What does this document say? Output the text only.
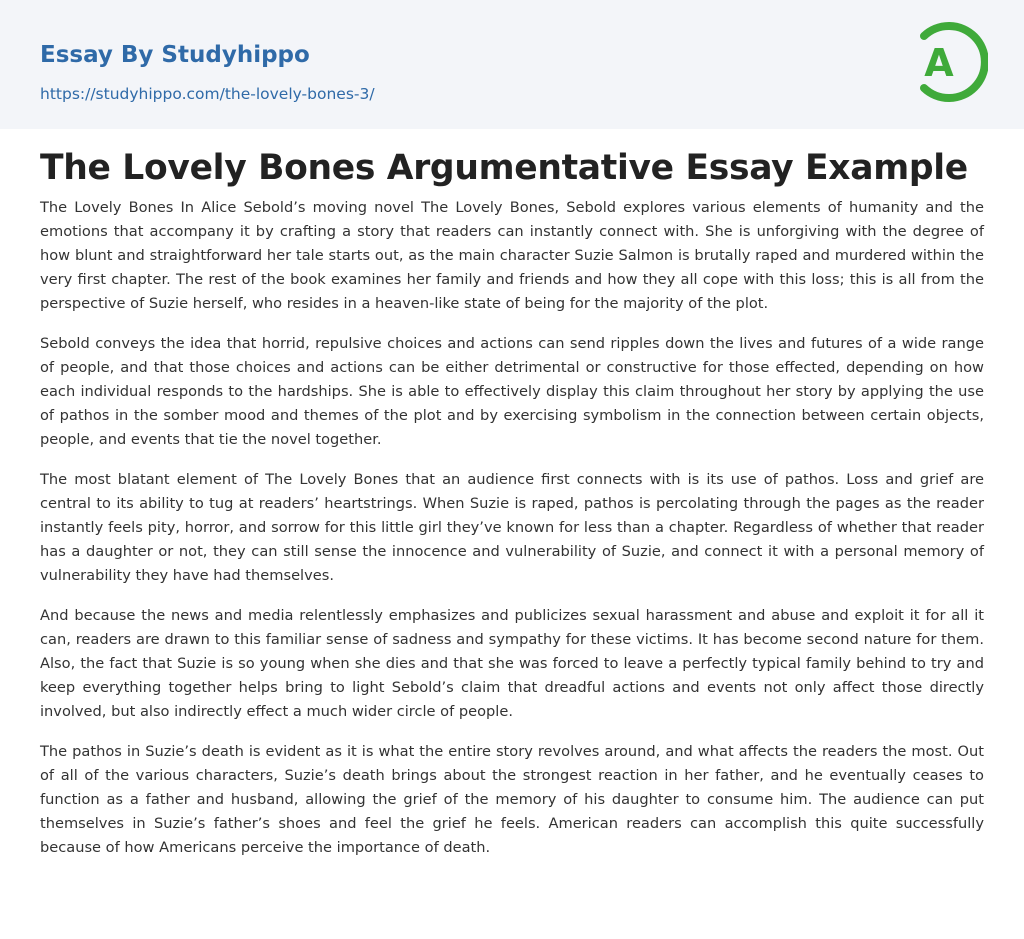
Essay By Studyhippo
https://studyhippo.com/the-lovely-bones-3/
A
The Lovely Bones Argumentative Essay Example

The Lovely Bones In Alice Sebold’s moving novel The Lovely Bones, Sebold explores various elements of humanity and the emotions that accompany it by crafting a story that readers can instantly connect with. She is unforgiving with the degree of how blunt and straightforward her tale starts out, as the main character Suzie Salmon is brutally raped and murdered within the very first chapter. The rest of the book examines her family and friends and how they all cope with this loss; this is all from the perspective of Suzie herself, who resides in a heaven-like state of being for the majority of the plot.

Sebold conveys the idea that horrid, repulsive choices and actions can send ripples down the lives and futures of a wide range of people, and that those choices and actions can be either detrimental or constructive for those effected, depending on how each individual responds to the hardships. She is able to effectively display this claim throughout her story by applying the use of pathos in the somber mood and themes of the plot and by exercising symbolism in the connection between certain objects, people, and events that tie the novel together.

The most blatant element of The Lovely Bones that an audience first connects with is its use of pathos. Loss and grief are central to its ability to tug at readers’ heartstrings. When Suzie is raped, pathos is percolating through the pages as the reader instantly feels pity, horror, and sorrow for this little girl they’ve known for less than a chapter. Regardless of whether that reader has a daughter or not, they can still sense the innocence and vulnerability of Suzie, and connect it with a personal memory of vulnerability they have had themselves.

And because the news and media relentlessly emphasizes and publicizes sexual harassment and abuse and exploit it for all it can, readers are drawn to this familiar sense of sadness and sympathy for these victims. It has become second nature for them. Also, the fact that Suzie is so young when she dies and that she was forced to leave a perfectly typical family behind to try and keep everything together helps bring to light Sebold’s claim that dreadful actions and events not only affect those directly involved, but also indirectly effect a much wider circle of people.

The pathos in Suzie’s death is evident as it is what the entire story revolves around, and what affects the readers the most. Out of all of the various characters, Suzie’s death brings about the strongest reaction in her father, and he eventually ceases to function as a father and husband, allowing the grief of the memory of his daughter to consume him. The audience can put themselves in Suzie’s father’s shoes and feel the grief he feels. American readers can accomplish this quite successfully because of how Americans perceive the importance of death.
